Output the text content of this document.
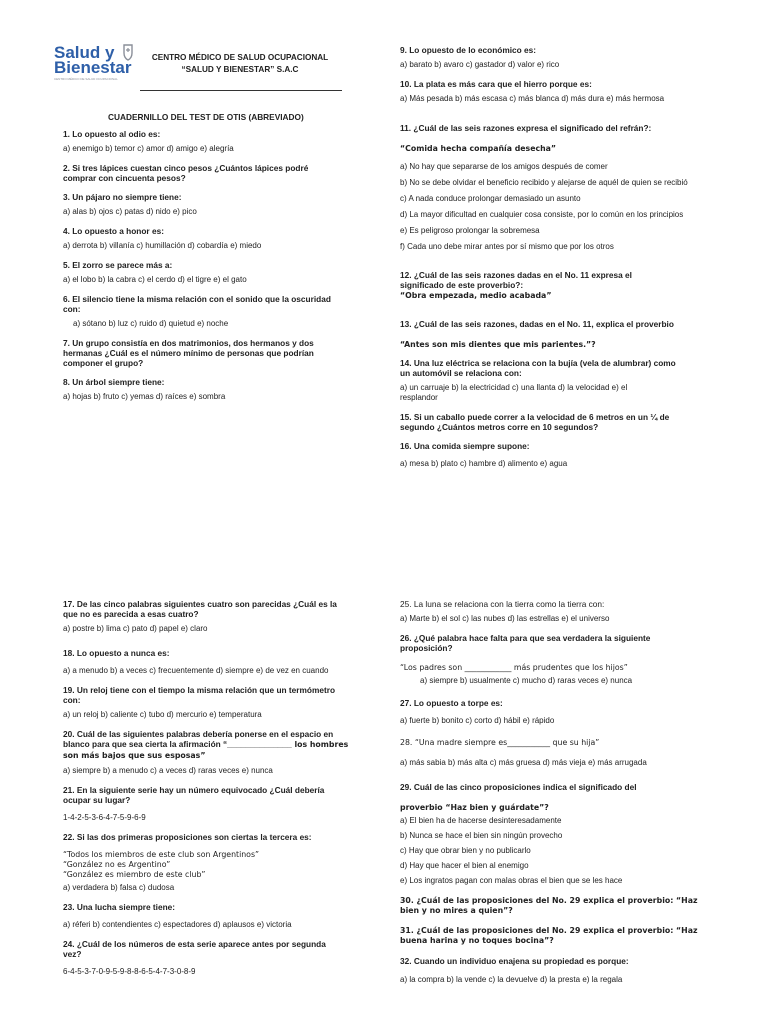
Salud y
Bienestar
CENTRO MÉDICO DE SALUD OCUPACIONAL
CENTRO MÉDICO DE SALUD OCUPACIONAL
“SALUD Y BIENESTAR” S.A.C
CUADERNILLO DEL TEST DE OTIS (ABREVIADO)
1. Lo opuesto al odio es:
a) enemigo b) temor c) amor d) amigo e) alegría
2. Si tres lápices cuestan cinco pesos ¿Cuántos lápices podré
comprar con cincuenta pesos?
3. Un pájaro no siempre tiene:
a) alas b) ojos c) patas d) nido e) pico
4. Lo opuesto a honor es:
a) derrota b) villanía c) humillación d) cobardía e) miedo
5. El zorro se parece más a:
a) el lobo b) la cabra c) el cerdo d) el tigre e) el gato
6. El silencio tiene la misma relación con el sonido que la oscuridad
con:
a) sótano b) luz c) ruido d) quietud e) noche
7. Un grupo consistía en dos matrimonios, dos hermanos y dos
hermanas ¿Cuál es el número mínimo de personas que podrían
componer el grupo?
8. Un árbol siempre tiene:
a) hojas b) fruto c) yemas d) raíces e) sombra
9. Lo opuesto de lo económico es:
a) barato b) avaro c) gastador d) valor e) rico
10. La plata es más cara que el hierro porque es:
a) Más pesada b) más escasa c) más blanca d) más dura e) más hermosa

11. ¿Cuál de las seis razones expresa el significado del refrán?:

“Comida hecha compañía desecha”

a) No hay que separarse de los amigos después de comer
b) No se debe olvidar el beneficio recibido y alejarse de aquél de quien se recibió
c) A nada conduce prolongar demasiado un asunto
d) La mayor dificultad en cualquier cosa consiste, por lo común en los principios
e) Es peligroso prolongar la sobremesa
f) Cada uno debe mirar antes por sí mismo que por los otros

12. ¿Cuál de las seis razones dadas en el No. 11 expresa el
significado de este proverbio?:
“Obra empezada, medio acabada”

13. ¿Cuál de las seis razones, dadas en el No. 11, explica el proverbio

“Antes son mis dientes que mis parientes.”?

14. Una luz eléctrica se relaciona con la bujía (vela de alumbrar) como
un automóvil se relaciona con:
a) un carruaje b) la electricidad c) una llanta d) la velocidad e) el
resplandor
15. Si un caballo puede correr a la velocidad de 6 metros en un ¼ de
segundo ¿Cuántos metros corre en 10 segundos?
16. Una comida siempre supone:
a) mesa b) plato c) hambre d) alimento e) agua
17. De las cinco palabras siguientes cuatro son parecidas ¿Cuál es la
que no es parecida a esas cuatro?
a) postre b) lima c) pato d) papel e) claro
18. Lo opuesto a nunca es:
a) a menudo b) a veces c) frecuentemente d) siempre e) de vez en cuando
19. Un reloj tiene con el tiempo la misma relación que un termómetro
con:
a) un reloj b) caliente c) tubo d) mercurio e) temperatura
20. Cuál de las siguientes palabras debería ponerse en el espacio en
blanco para que sea cierta la afirmación “______________ los hombres
son más bajos que sus esposas”
a) siempre b) a menudo c) a veces d) raras veces e) nunca
21. En la siguiente serie hay un número equivocado ¿Cuál debería
ocupar su lugar?
1-4-2-5-3-6-4-7-5-9-6-9
22. Si las dos primeras proposiciones son ciertas la tercera es:
“Todos los miembros de este club son Argentinos”
“González no es Argentino”
“González es miembro de este club”
a) verdadera b) falsa c) dudosa
23. Una lucha siempre tiene:
a) réferi b) contendientes c) espectadores d) aplausos e) victoria
24. ¿Cuál de los números de esta serie aparece antes por segunda
vez?
6-4-5-3-7-0-9-5-9-8-8-6-5-4-7-3-0-8-9
25. La luna se relaciona con la tierra como la tierra con:
a) Marte b) el sol c) las nubes d) las estrellas e) el universo
26. ¿Qué palabra hace falta para que sea verdadera la siguiente
proposición?
“Los padres son ____________ más prudentes que los hijos”
a) siempre b) usualmente c) mucho d) raras veces e) nunca
27. Lo opuesto a torpe es:
a) fuerte b) bonito c) corto d) hábil e) rápido
28. “Una madre siempre es___________ que su hija”
a) más sabia b) más alta c) más gruesa d) más vieja e) más arrugada

29. Cuál de las cinco proposiciones indica el significado del

proverbio “Haz bien y guárdate”?

a) El bien ha de hacerse desinteresadamente
b) Nunca se hace el bien sin ningún provecho
c) Hay que obrar bien y no publicarlo
d) Hay que hacer el bien al enemigo
e) Los ingratos pagan con malas obras el bien que se les hace
30. ¿Cuál de las proposiciones del No. 29 explica el proverbio: “Haz
bien y no mires a quien”?
31. ¿Cuál de las proposiciones del No. 29 explica el proverbio: “Haz
buena harina y no toques bocina”?
32. Cuando un individuo enajena su propiedad es porque:
a) la compra b) la vende c) la devuelve d) la presta e) la regala
